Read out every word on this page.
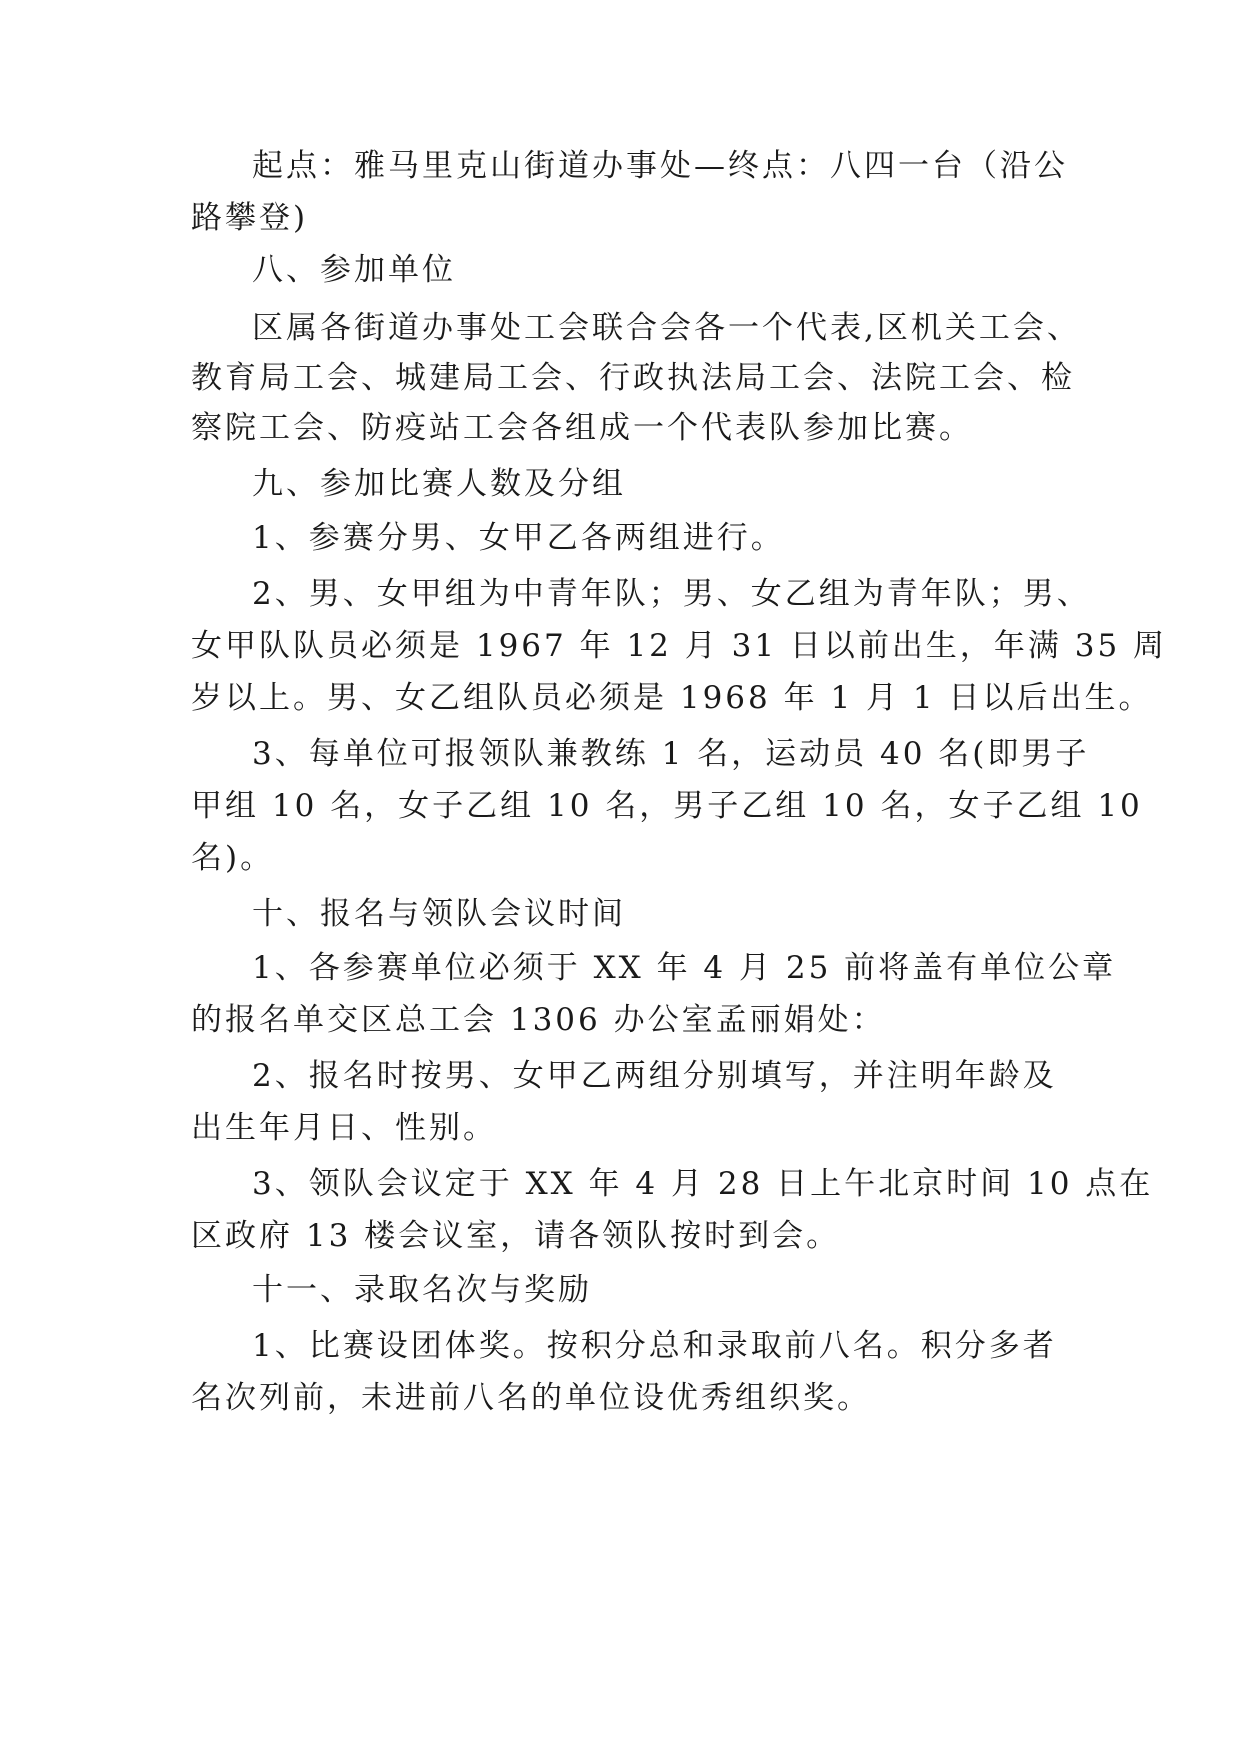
起点：雅马里克山街道办事处—终点：八四一台（沿公
路攀登)
八、参加单位
区属各街道办事处工会联合会各一个代表,区机关工会、
教育局工会、城建局工会、行政执法局工会、法院工会、检
察院工会、防疫站工会各组成一个代表队参加比赛。
九、参加比赛人数及分组
1、参赛分男、女甲乙各两组进行。
2、男、女甲组为中青年队；男、女乙组为青年队；男、
女甲队队员必须是 1967 年 12 月 31 日以前出生，年满 35 周
岁以上。男、女乙组队员必须是 1968 年 1 月 1 日以后出生。
3、每单位可报领队兼教练 1 名，运动员 40 名(即男子
甲组 10 名，女子乙组 10 名，男子乙组 10 名，女子乙组 10
名)。
十、报名与领队会议时间
1、各参赛单位必须于 XX 年 4 月 25 前将盖有单位公章
的报名单交区总工会 1306 办公室孟丽娟处：
2、报名时按男、女甲乙两组分别填写，并注明年龄及
出生年月日、性别。
3、领队会议定于 XX 年 4 月 28 日上午北京时间 10 点在
区政府 13 楼会议室，请各领队按时到会。
十一、录取名次与奖励
1、比赛设团体奖。按积分总和录取前八名。积分多者
名次列前，未进前八名的单位设优秀组织奖。
